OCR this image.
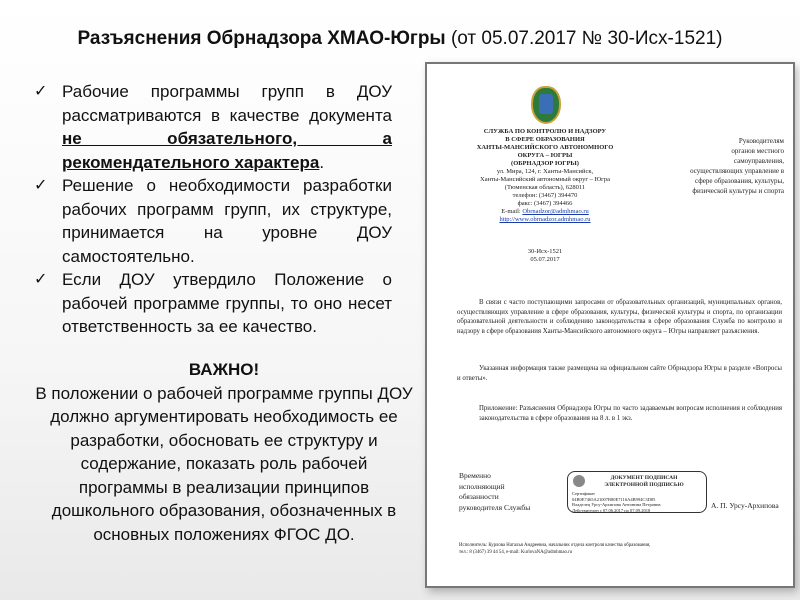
Разъяснения Обрнадзора ХМАО-Югры (от 05.07.2017 № 30-Исх-1521)
✓ Рабочие программы групп в ДОУ рассматриваются в качестве документа не обязательного, а рекомендательного характера.
✓ Решение о необходимости разработки рабочих программ групп, их структуре, принимается на уровне ДОУ самостоятельно.
✓ Если ДОУ утвердило Положение о рабочей программе группы, то оно несет ответственность за ее качество.
ВАЖНО!
В положении о рабочей программе группы ДОУ должно аргументировать необходимость ее разработки, обосновать ее структуру и содержание, показать роль рабочей программы в реализации принципов дошкольного образования, обозначенных в основных положениях ФГОС ДО.
СЛУЖБА ПО КОНТРОЛЮ И НАДЗОРУ
В СФЕРЕ ОБРАЗОВАНИЯ
ХАНТЫ-МАНСИЙСКОГО АВТОНОМНОГО
ОКРУГА – ЮГРЫ
(ОБРНАДЗОР ЮГРЫ)
ул. Мира, 124, г. Ханты-Мансийск,
Ханты-Мансийский автономный округ – Югра
(Тюменская область), 628011
телефон: (3467) 394470
факс: (3467) 394466
E-mail: Obrnadzor@admhmao.ru
http://www.obrnadzor.admhmao.ru
30-Исх-1521
05.07.2017
Руководителям
органов местного
самоуправления,
осуществляющих управление в
сфере образования, культуры,
физической культуры и спорта
В связи с часто поступающими запросами от образовательных организаций, муниципальных органов, осуществляющих управление в сфере образования, культуры, физической культуры и спорта, по организации образовательной деятельности и соблюдению законодательства в сфере образования Служба по контролю и надзору в сфере образования Ханты-Мансийского автономного округа – Югры направляет разъяснения.
Указанная информация также размещена на официальном сайте Обрнадзора Югры в разделе «Вопросы и ответы».
Приложение: Разъяснения Обрнадзора Югры по часто задаваемым вопросам исполнения и соблюдения законодательства в сфере образования на 8 л. в 1 экз.
Временно
исполняющий
обязанности
руководителя Службы
ДОКУМЕНТ ПОДПИСАН
ЭЛЕКТРОННОЙ ПОДПИСЬЮ
Сертификат
04B0E7465A21007B80E7116A4B994C3D85
Владелец Урсу-Архипова Антонина Петровна
Действителен с 07.06.2017 по 07.09.2018	А. П. Урсу-Архипова
Исполнитель: Курлова Наталья Андреевна, начальник отдела контроля качества образования,
тел.: 8 (3467) 39 44 54, e-mail: KurlovaNA@admhmao.ru
